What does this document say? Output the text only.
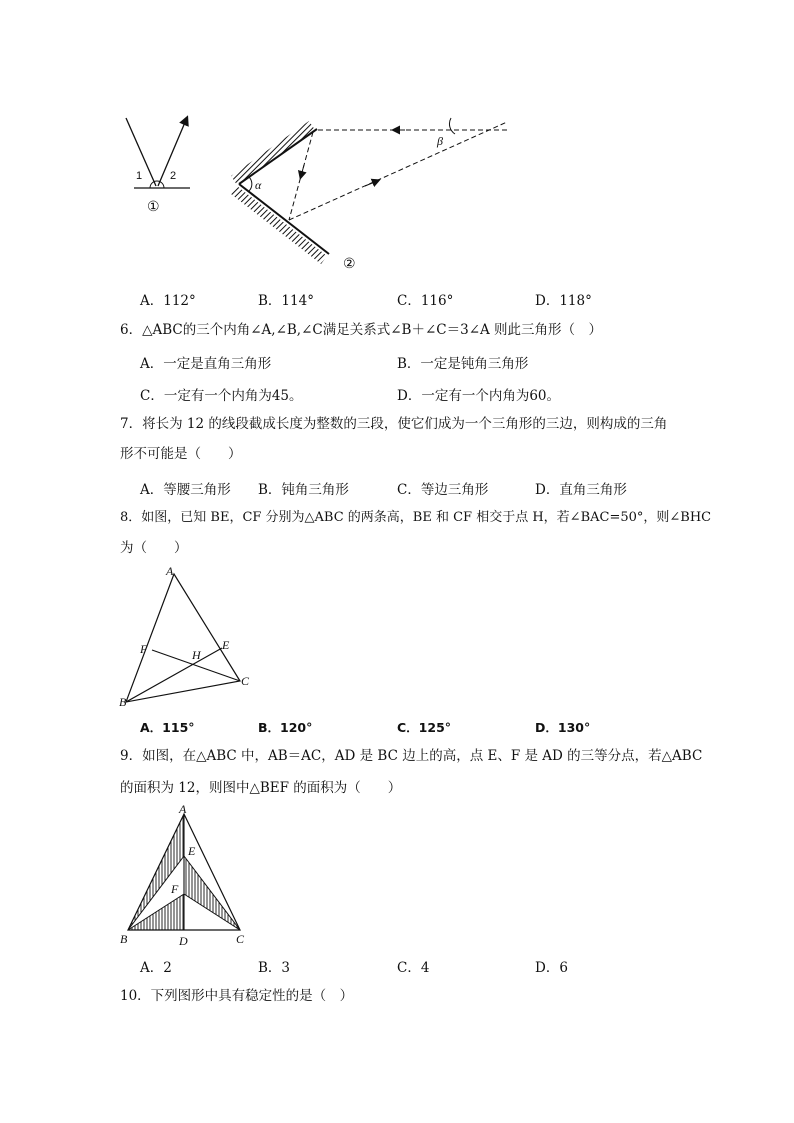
1	2
①
α
β
②
A．112°	B．114°	C．116°	D．118°
6．△ABC的三个内角∠A,∠B,∠C满足关系式∠B＋∠C＝3∠A 则此三角形（　）
A．一定是直角三角形	B．一定是钝角三角形
C．一定有一个内角为45。	D．一定有一个内角为60。
7．将长为 12 的线段截成长度为整数的三段，使它们成为一个三角形的三边，则构成的三角
形不可能是（　　）
A．等腰三角形 B．钝角三角形	C．等边三角形	D．直角三角形
8．如图，已知 BE，CF 分别为△ABC 的两条高，BE 和 CF 相交于点 H，若∠BAC=50°，则∠BHC
为（　　）
A
B
C
E
F	H
A．115°	B．120°	C．125°	D．130°
9．如图，在△ABC 中，AB＝AC，AD 是 BC 边上的高，点 E、F 是 AD 的三等分点，若△ABC
的面积为 12，则图中△BEF 的面积为（　　）
A
B	C
D
E
F
A．2	B．3	C．4	D．6
10．下列图形中具有稳定性的是（　）
